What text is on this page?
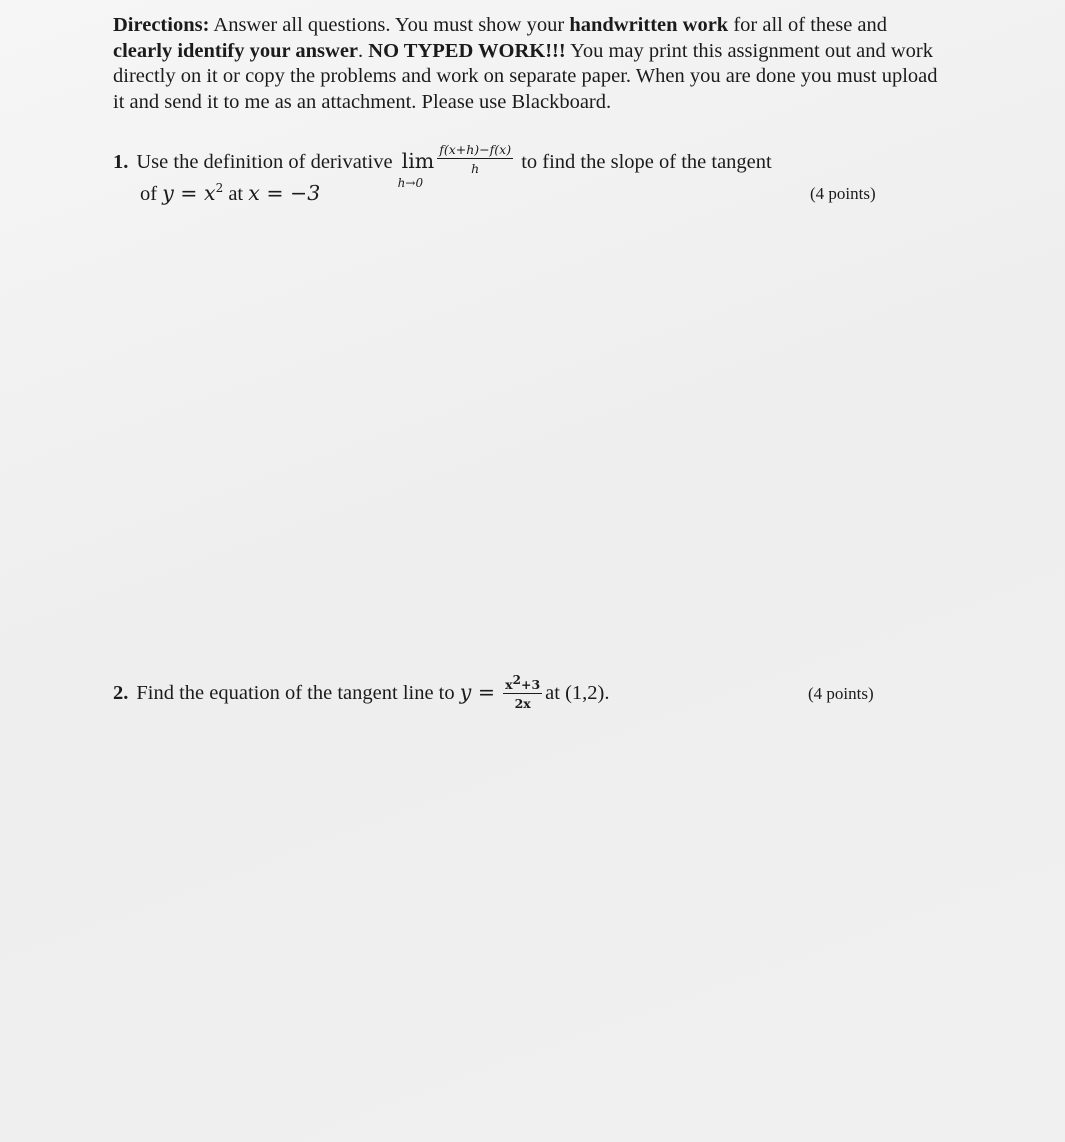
Directions: Answer all questions. You must show your handwritten work for all of these and clearly identify your answer. NO TYPED WORK!!! You may print this assignment out and work directly on it or copy the problems and work on separate paper. When you are done you must upload it and send it to me as an attachment. Please use Blackboard.
1. Use the definition of derivative lim
h→0
$\frac{f(x+h)-f(x)}{h}$ to find the slope of the tangent
of $y = x^2$ at x = −3	(4 points)
2. Find the equation of the tangent line to $y = \frac{x^2+3}{2x}$ at (1,2).	(4 points)
